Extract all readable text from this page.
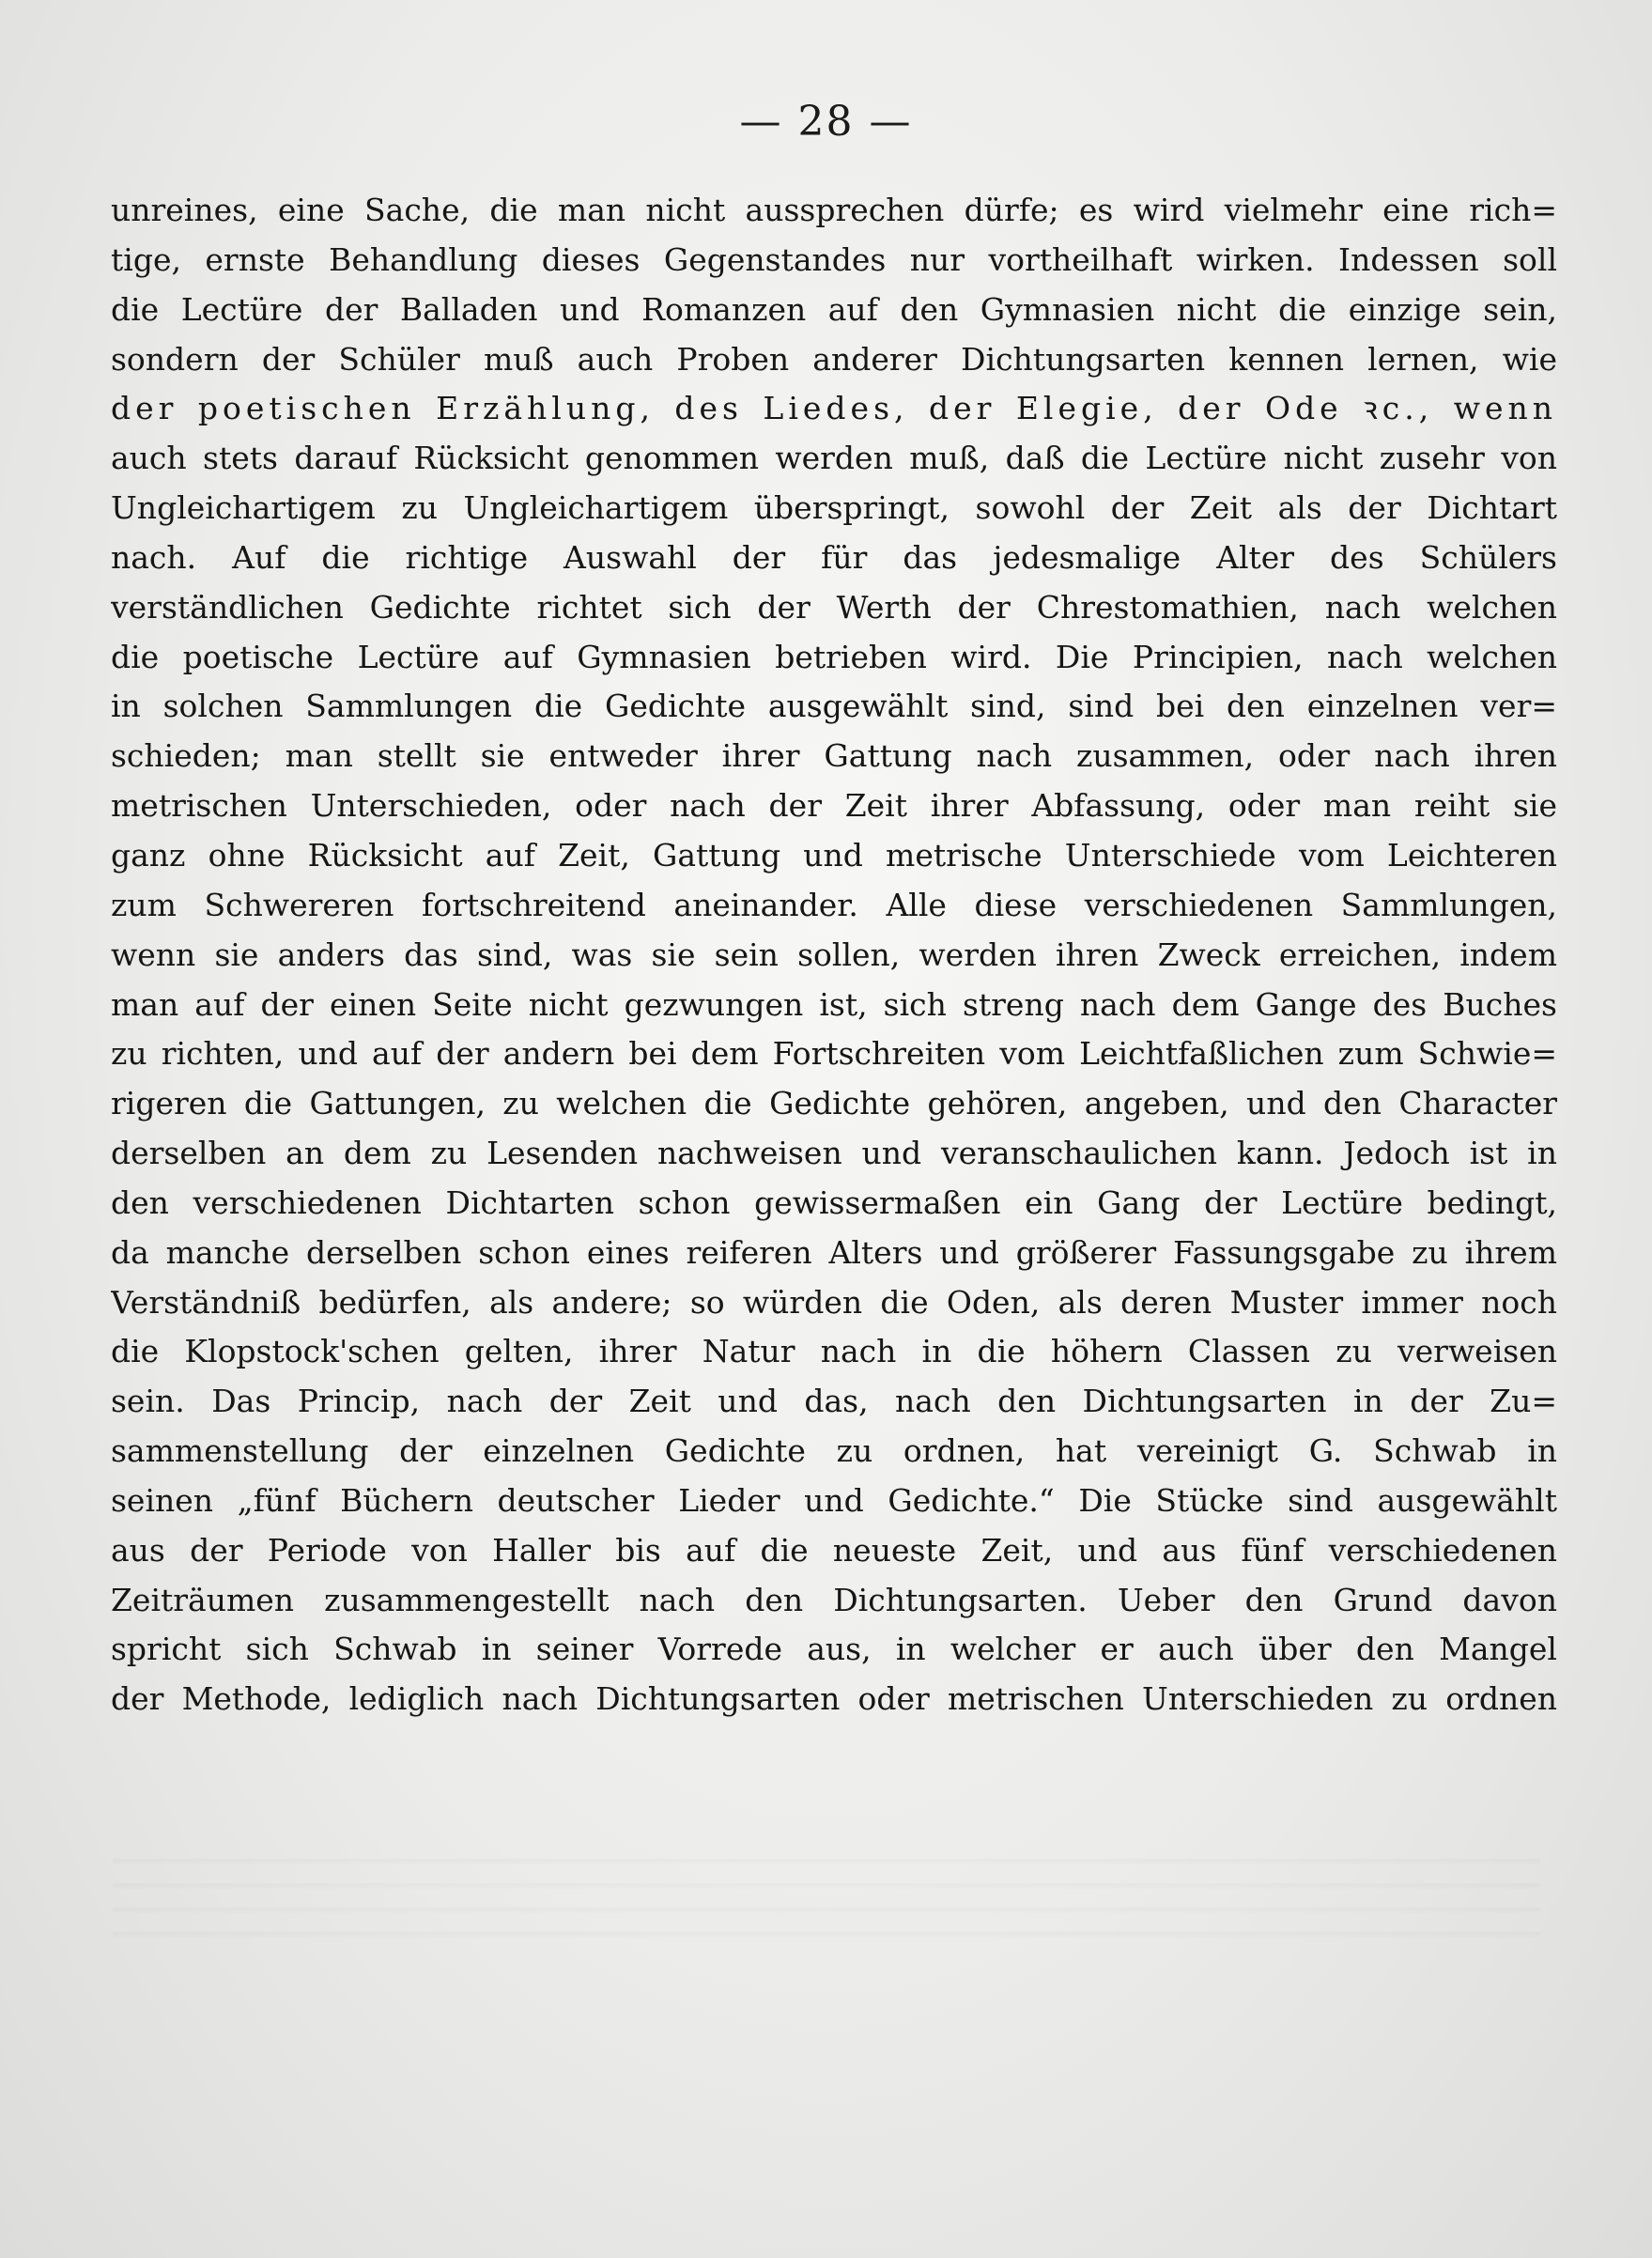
— 28 —
unreines, eine Sache, die man nicht aussprechen dürfe; es wird vielmehr eine rich=
tige, ernste Behandlung dieses Gegenstandes nur vortheilhaft wirken. Indessen soll
die Lectüre der Balladen und Romanzen auf den Gymnasien nicht die einzige sein,
sondern der Schüler muß auch Proben anderer Dichtungsarten kennen lernen, wie
der poetischen Erzählung, des Liedes, der Elegie, der Ode ꝛc., wenn
auch stets darauf Rücksicht genommen werden muß, daß die Lectüre nicht zusehr von
Ungleichartigem zu Ungleichartigem überspringt, sowohl der Zeit als der Dichtart
nach. Auf die richtige Auswahl der für das jedesmalige Alter des Schülers
verständlichen Gedichte richtet sich der Werth der Chrestomathien, nach welchen
die poetische Lectüre auf Gymnasien betrieben wird. Die Principien, nach welchen
in solchen Sammlungen die Gedichte ausgewählt sind, sind bei den einzelnen ver=
schieden; man stellt sie entweder ihrer Gattung nach zusammen, oder nach ihren
metrischen Unterschieden, oder nach der Zeit ihrer Abfassung, oder man reiht sie
ganz ohne Rücksicht auf Zeit, Gattung und metrische Unterschiede vom Leichteren
zum Schwereren fortschreitend aneinander. Alle diese verschiedenen Sammlungen,
wenn sie anders das sind, was sie sein sollen, werden ihren Zweck erreichen, indem
man auf der einen Seite nicht gezwungen ist, sich streng nach dem Gange des Buches
zu richten, und auf der andern bei dem Fortschreiten vom Leichtfaßlichen zum Schwie=
rigeren die Gattungen, zu welchen die Gedichte gehören, angeben, und den Character
derselben an dem zu Lesenden nachweisen und veranschaulichen kann. Jedoch ist in
den verschiedenen Dichtarten schon gewissermaßen ein Gang der Lectüre bedingt,
da manche derselben schon eines reiferen Alters und größerer Fassungsgabe zu ihrem
Verständniß bedürfen, als andere; so würden die Oden, als deren Muster immer noch
die Klopstock'schen gelten, ihrer Natur nach in die höhern Classen zu verweisen
sein. Das Princip, nach der Zeit und das, nach den Dichtungsarten in der Zu=
sammenstellung der einzelnen Gedichte zu ordnen, hat vereinigt G. Schwab in
seinen „fünf Büchern deutscher Lieder und Gedichte.“ Die Stücke sind ausgewählt
aus der Periode von Haller bis auf die neueste Zeit, und aus fünf verschiedenen
Zeiträumen zusammengestellt nach den Dichtungsarten. Ueber den Grund davon
spricht sich Schwab in seiner Vorrede aus, in welcher er auch über den Mangel
der Methode, lediglich nach Dichtungsarten oder metrischen Unterschieden zu ordnen
